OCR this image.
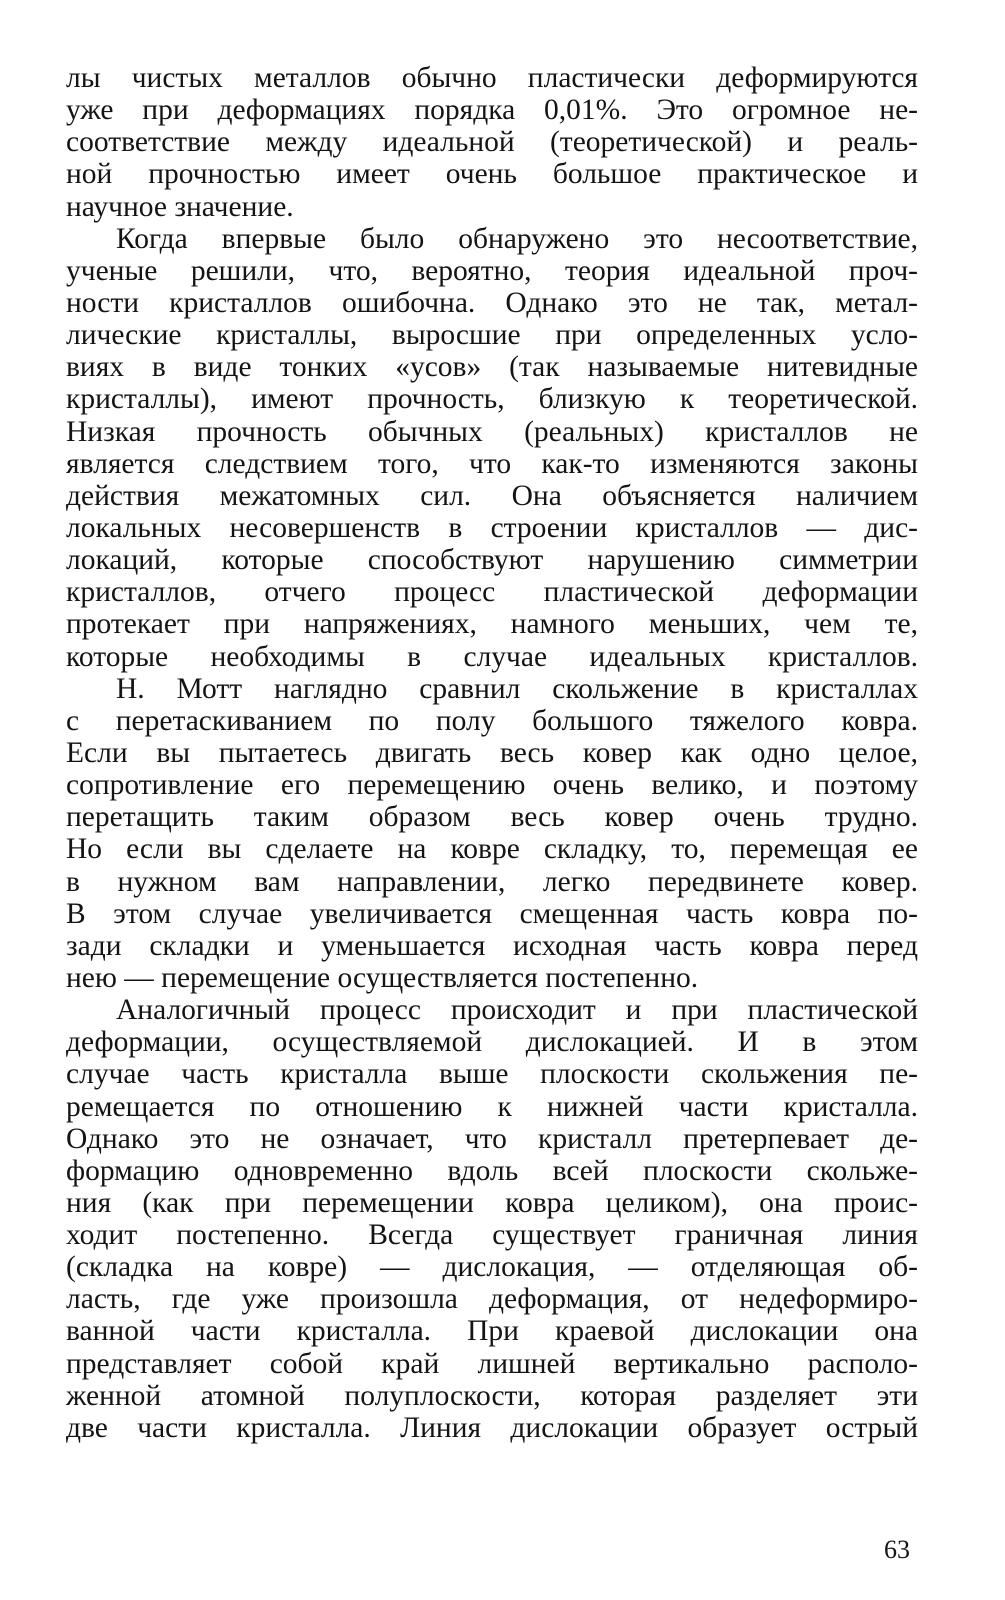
лы чистых металлов обычно пластически деформируются
уже при деформациях порядка 0,01%. Это огромное не-
соответствие между идеальной (теоретической) и реаль-
ной прочностью имеет очень большое практическое и
научное значение.
Когда впервые было обнаружено это несоответствие,
ученые решили, что, вероятно, теория идеальной проч-
ности кристаллов ошибочна. Однако это не так, метал-
лические кристаллы, выросшие при определенных усло-
виях в виде тонких «усов» (так называемые нитевидные
кристаллы), имеют прочность, близкую к теоретической.
Низкая прочность обычных (реальных) кристаллов не
является следствием того, что как-то изменяются законы
действия межатомных сил. Она объясняется наличием
локальных несовершенств в строении кристаллов — дис-
локаций, которые способствуют нарушению симметрии
кристаллов, отчего процесс пластической деформации
протекает при напряжениях, намного меньших, чем те,
которые необходимы в случае идеальных кристаллов.
Н. Мотт наглядно сравнил скольжение в кристаллах
с перетаскиванием по полу большого тяжелого ковра.
Если вы пытаетесь двигать весь ковер как одно целое,
сопротивление его перемещению очень велико, и поэтому
перетащить таким образом весь ковер очень трудно.
Но если вы сделаете на ковре складку, то, перемещая ее
в нужном вам направлении, легко передвинете ковер.
В этом случае увеличивается смещенная часть ковра по-
зади складки и уменьшается исходная часть ковра перед
нею — перемещение осуществляется постепенно.
Аналогичный процесс происходит и при пластической
деформации, осуществляемой дислокацией. И в этом
случае часть кристалла выше плоскости скольжения пе-
ремещается по отношению к нижней части кристалла.
Однако это не означает, что кристалл претерпевает де-
формацию одновременно вдоль всей плоскости скольже-
ния (как при перемещении ковра целиком), она проис-
ходит постепенно. Всегда существует граничная линия
(складка на ковре) — дислокация, — отделяющая об-
ласть, где уже произошла деформация, от недеформиро-
ванной части кристалла. При краевой дислокации она
представляет собой край лишней вертикально располо-
женной атомной полуплоскости, которая разделяет эти
две части кристалла. Линия дислокации образует острый
63
